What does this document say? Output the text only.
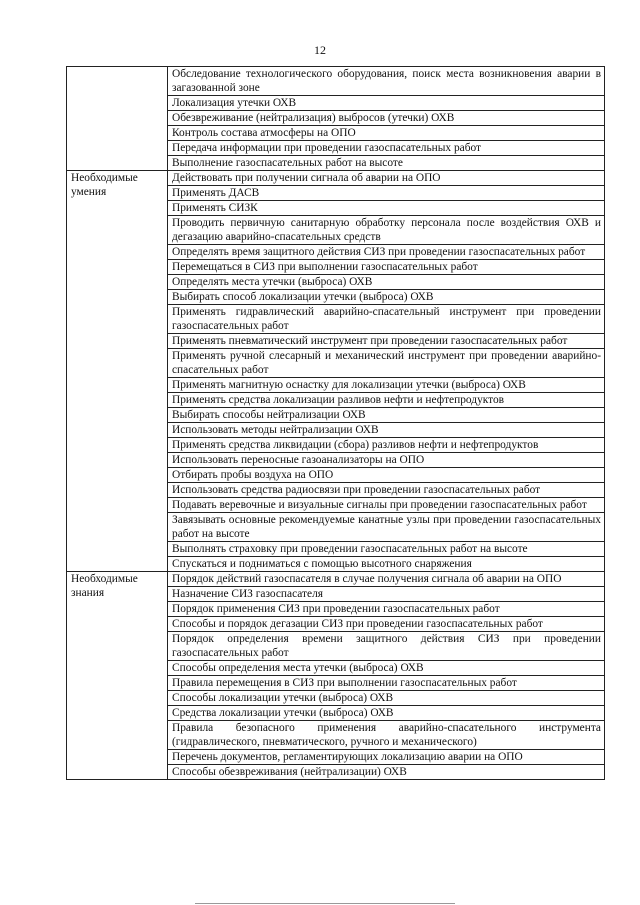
12
	Обследование технологического оборудования, поиск места возникновения аварии в загазованной зоне
	Локализация утечки ОХВ
	Обезвреживание (нейтрализация) выбросов (утечки) ОХВ
	Контроль состава атмосферы на ОПО
	Передача информации при проведении газоспасательных работ
	Выполнение газоспасательных работ на высоте
Необходимые умения	Действовать при получении сигнала об аварии на ОПО
	Применять ДАСВ
	Применять СИЗК
	Проводить первичную санитарную обработку персонала после воздействия ОХВ и дегазацию аварийно-спасательных средств
	Определять время защитного действия СИЗ при проведении газоспасательных работ
	Перемещаться в СИЗ при выполнении газоспасательных работ
	Определять места утечки (выброса) ОХВ
	Выбирать способ локализации утечки (выброса) ОХВ
	Применять гидравлический аварийно-спасательный инструмент при проведении газоспасательных работ
	Применять пневматический инструмент при проведении газоспасательных работ
	Применять ручной слесарный и механический инструмент при проведении аварийно-спасательных работ
	Применять магнитную оснастку для локализации утечки (выброса) ОХВ
	Применять средства локализации разливов нефти и нефтепродуктов
	Выбирать способы нейтрализации ОХВ
	Использовать методы нейтрализации ОХВ
	Применять средства ликвидации (сбора) разливов нефти и нефтепродуктов
	Использовать переносные газоанализаторы на ОПО
	Отбирать пробы воздуха на ОПО
	Использовать средства радиосвязи при проведении газоспасательных работ
	Подавать веревочные и визуальные сигналы при проведении газоспасательных работ
	Завязывать основные рекомендуемые канатные узлы при проведении газоспасательных работ на высоте
	Выполнять страховку при проведении газоспасательных работ на высоте
	Спускаться и подниматься с помощью высотного снаряжения
Необходимые знания	Порядок действий газоспасателя в случае получения сигнала об аварии на ОПО
	Назначение СИЗ газоспасателя
	Порядок применения СИЗ при проведении газоспасательных работ
	Способы и порядок дегазации СИЗ при проведении газоспасательных работ
	Порядок определения времени защитного действия СИЗ при проведении газоспасательных работ
	Способы определения места утечки (выброса) ОХВ
	Правила перемещения в СИЗ при выполнении газоспасательных работ
	Способы локализации утечки (выброса) ОХВ
	Средства локализации утечки (выброса) ОХВ
	Правила безопасного применения аварийно-спасательного инструмента (гидравлического, пневматического, ручного и механического)
	Перечень документов, регламентирующих локализацию аварии на ОПО
	Способы обезвреживания (нейтрализации) ОХВ
